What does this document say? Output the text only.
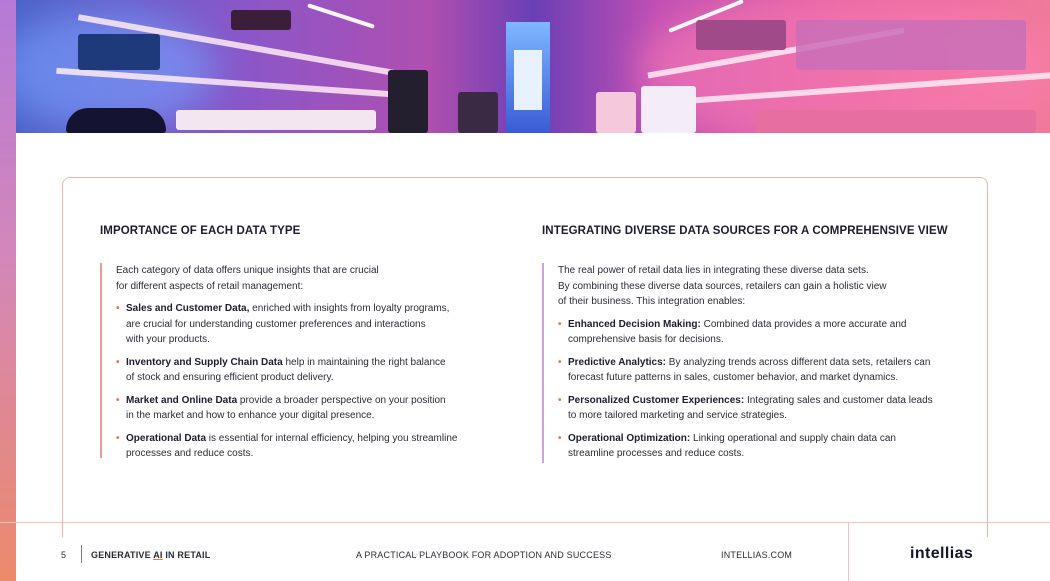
IMPORTANCE OF EACH DATA TYPE	INTEGRATING DIVERSE DATA SOURCES FOR A COMPREHENSIVE VIEW

Each category of data offers unique insights that are crucial
for different aspects of retail management:

• Sales and Customer Data, enriched with insights from loyalty programs,
are crucial for understanding customer preferences and interactions
with your products.
• Inventory and Supply Chain Data help in maintaining the right balance
of stock and ensuring efficient product delivery.
• Market and Online Data provide a broader perspective on your position
in the market and how to enhance your digital presence.
• Operational Data is essential for internal efficiency, helping you streamline
processes and reduce costs.

The real power of retail data lies in integrating these diverse data sets.
By combining these diverse data sources, retailers can gain a holistic view
of their business. This integration enables:

• Enhanced Decision Making: Combined data provides a more accurate and
comprehensive basis for decisions.
• Predictive Analytics: By analyzing trends across different data sets, retailers can
forecast future patterns in sales, customer behavior, and market dynamics.
• Personalized Customer Experiences: Integrating sales and customer data leads
to more tailored marketing and service strategies.
• Operational Optimization: Linking operational and supply chain data can
streamline processes and reduce costs.
5	GENERATIVE AI IN RETAIL	A PRACTICAL PLAYBOOK FOR ADOPTION AND SUCCESS	INTELLIAS.COM	intellias
